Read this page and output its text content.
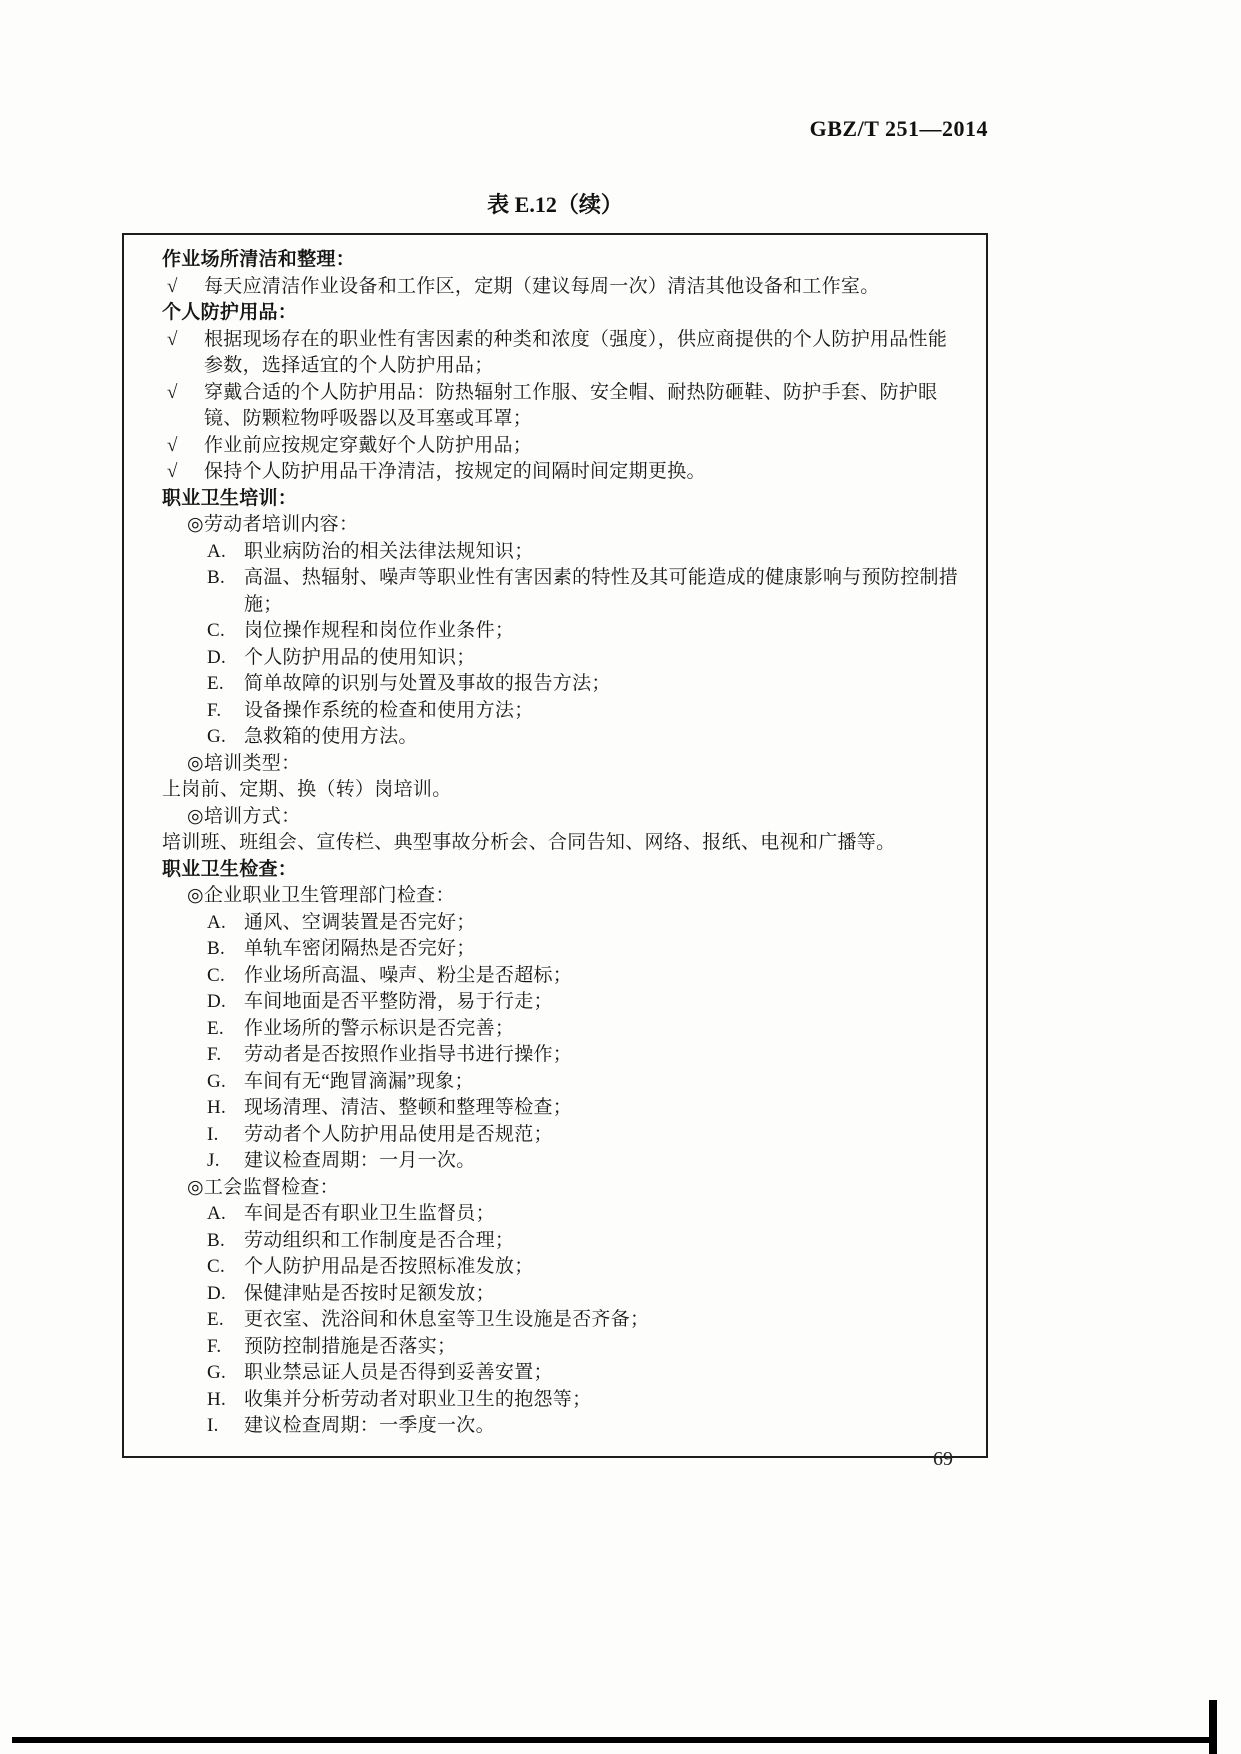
GBZ/T 251—2014
表 E.12（续）
作业场所清洁和整理：
√	每天应清洁作业设备和工作区，定期（建议每周一次）清洁其他设备和工作室。
个人防护用品：
√	根据现场存在的职业性有害因素的种类和浓度（强度），供应商提供的个人防护用品性能参数，选择适宜的个人防护用品；
√	穿戴合适的个人防护用品：防热辐射工作服、安全帽、耐热防砸鞋、防护手套、防护眼镜、防颗粒物呼吸器以及耳塞或耳罩；
√	作业前应按规定穿戴好个人防护用品；
√	保持个人防护用品干净清洁，按规定的间隔时间定期更换。
职业卫生培训：
◎劳动者培训内容：
A. 职业病防治的相关法律法规知识；
B. 高温、热辐射、噪声等职业性有害因素的特性及其可能造成的健康影响与预防控制措施；
C. 岗位操作规程和岗位作业条件；
D. 个人防护用品的使用知识；
E.	简单故障的识别与处置及事故的报告方法；
F.	设备操作系统的检查和使用方法；
G. 急救箱的使用方法。
◎培训类型：
上岗前、定期、换（转）岗培训。
◎培训方式：
培训班、班组会、宣传栏、典型事故分析会、合同告知、网络、报纸、电视和广播等。
职业卫生检查：
◎企业职业卫生管理部门检查：
A. 通风、空调装置是否完好；
B. 单轨车密闭隔热是否完好；
C. 作业场所高温、噪声、粉尘是否超标；
D. 车间地面是否平整防滑，易于行走；
E.	作业场所的警示标识是否完善；
F.	劳动者是否按照作业指导书进行操作；
G. 车间有无“跑冒滴漏”现象；
H. 现场清理、清洁、整顿和整理等检查；
I.	劳动者个人防护用品使用是否规范；
J.	建议检查周期：一月一次。
◎工会监督检查：
A. 车间是否有职业卫生监督员；
B. 劳动组织和工作制度是否合理；
C. 个人防护用品是否按照标准发放；
D. 保健津贴是否按时足额发放；
E.	更衣室、洗浴间和休息室等卫生设施是否齐备；
F.	预防控制措施是否落实；
G. 职业禁忌证人员是否得到妥善安置；
H. 收集并分析劳动者对职业卫生的抱怨等；
I.	建议检查周期：一季度一次。
69
